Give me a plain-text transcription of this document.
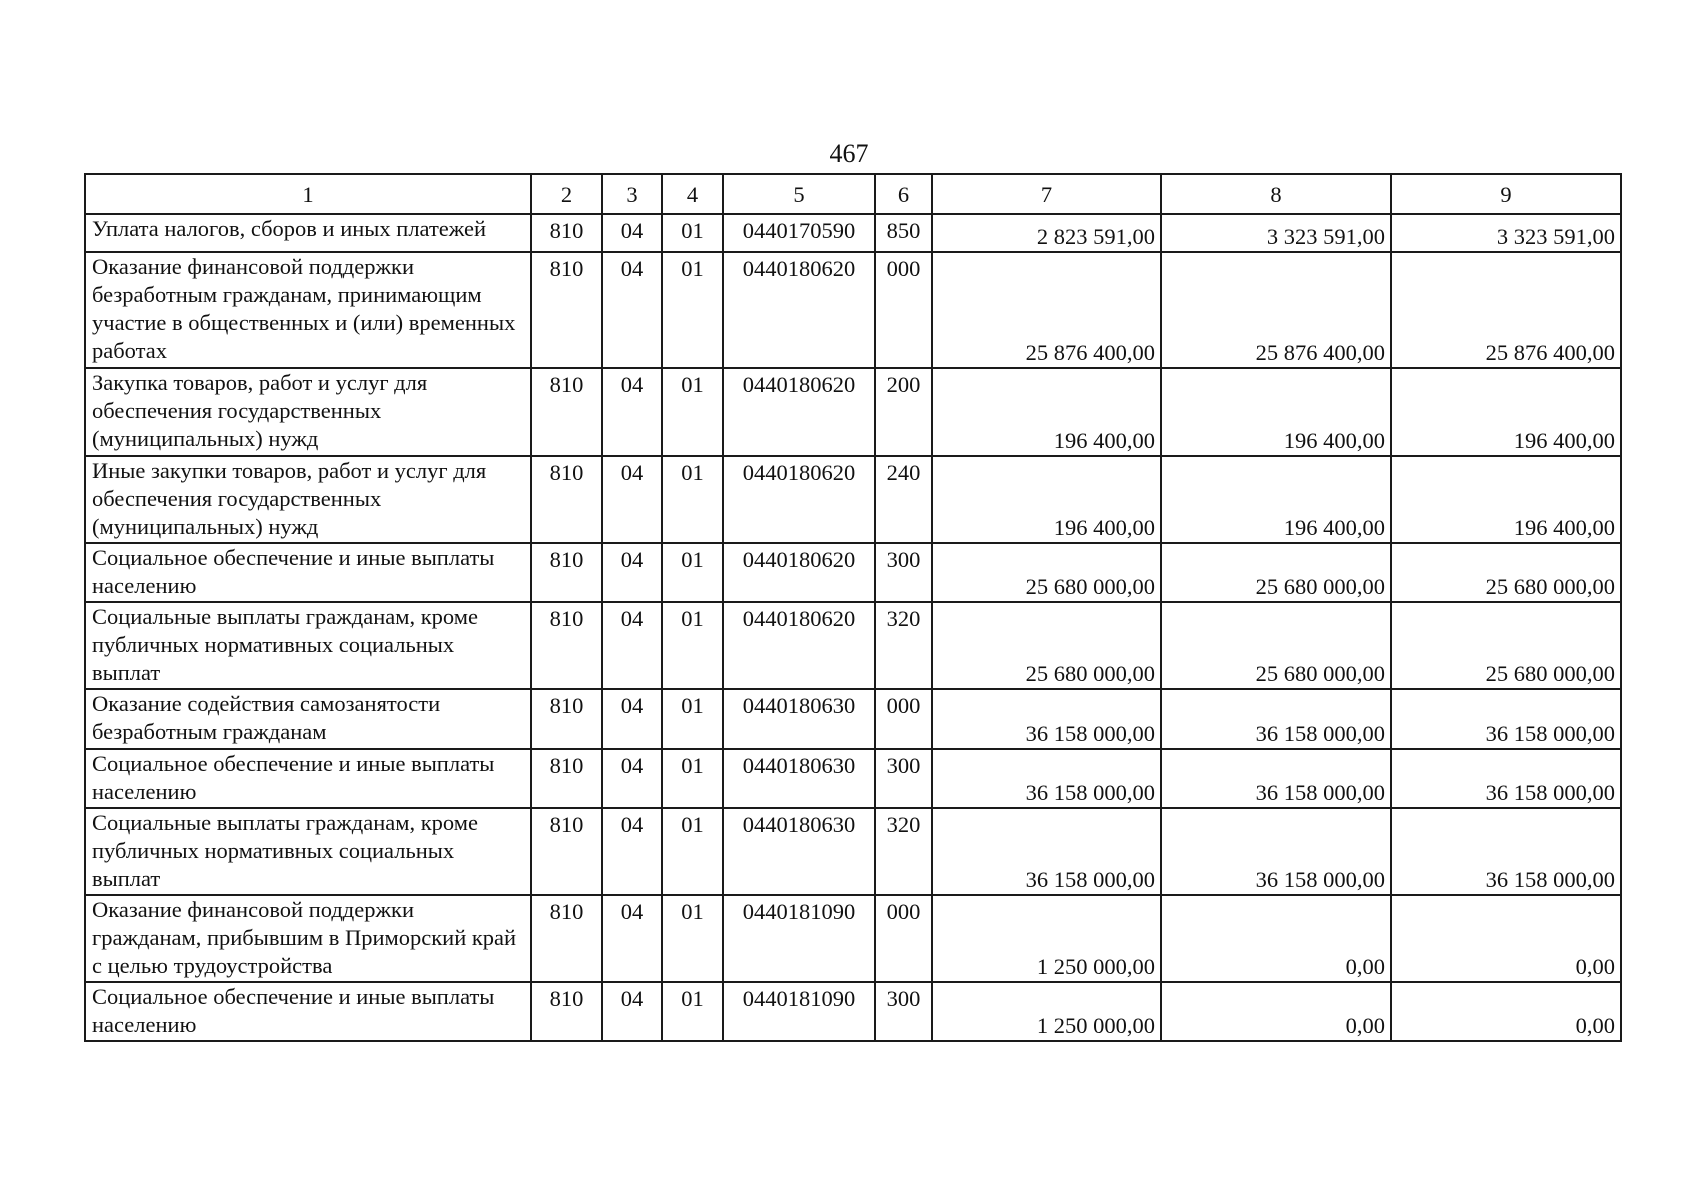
467
1	2	3	4	5	6	7	8	9
Уплата налогов, сборов и иных платежей	810	04	01	0440170590	850	2 823 591,00	3 323 591,00	3 323 591,00
Оказание финансовой поддержки безработным гражданам, принимающим участие в общественных и (или) временных работах	810	04	01	0440180620	000	25 876 400,00	25 876 400,00	25 876 400,00
Закупка товаров, работ и услуг для обеспечения государственных (муниципальных) нужд	810	04	01	0440180620	200	196 400,00	196 400,00	196 400,00
Иные закупки товаров, работ и услуг для обеспечения государственных (муниципальных) нужд	810	04	01	0440180620	240	196 400,00	196 400,00	196 400,00
Социальное обеспечение и иные выплаты населению	810	04	01	0440180620	300	25 680 000,00	25 680 000,00	25 680 000,00
Социальные выплаты гражданам, кроме публичных нормативных социальных выплат	810	04	01	0440180620	320	25 680 000,00	25 680 000,00	25 680 000,00
Оказание содействия самозанятости безработным гражданам	810	04	01	0440180630	000	36 158 000,00	36 158 000,00	36 158 000,00
Социальное обеспечение и иные выплаты населению	810	04	01	0440180630	300	36 158 000,00	36 158 000,00	36 158 000,00
Социальные выплаты гражданам, кроме публичных нормативных социальных выплат	810	04	01	0440180630	320	36 158 000,00	36 158 000,00	36 158 000,00
Оказание финансовой поддержки гражданам, прибывшим в Приморский край с целью трудоустройства	810	04	01	0440181090	000	1 250 000,00	0,00	0,00
Социальное обеспечение и иные выплаты населению	810	04	01	0440181090	300	1 250 000,00	0,00	0,00
